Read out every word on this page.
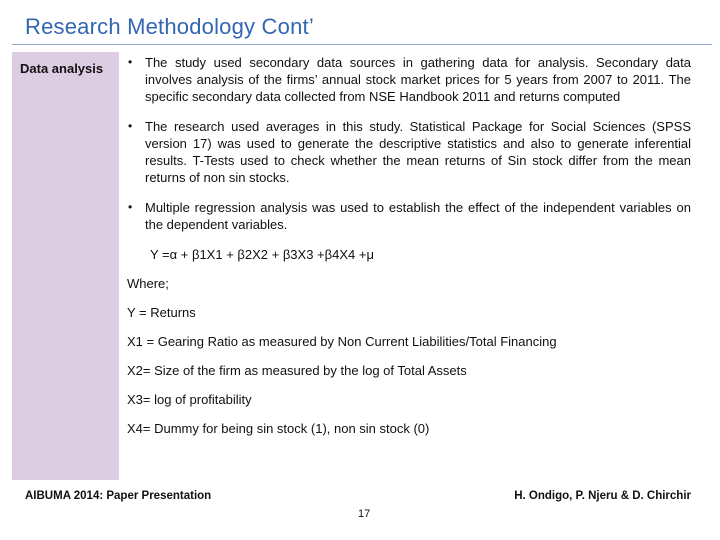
Research Methodology Cont’
Data analysis • The study used secondary data sources in gathering data for analysis. Secondary data involves analysis of the firms’ annual stock market prices for 5 years from 2007 to 2011. The specific secondary data collected from NSE Handbook 2011 and returns computed
• The research used averages in this study. Statistical Package for Social Sciences (SPSS version 17) was used to generate the descriptive statistics and also to generate inferential results. T-Tests used to check whether the mean returns of Sin stock differ from the mean returns of non sin stocks.
• Multiple regression analysis was used to establish the effect of the independent variables on the dependent variables.
Y =α + β1X1 + β2X2 + β3X3 +β4X4 +μ
Where;
Y = Returns
X1 = Gearing Ratio as measured by Non Current Liabilities/Total Financing
X2= Size of the firm as measured by the log of Total Assets
X3= log of profitability
X4= Dummy for being sin stock (1), non sin stock (0)
AIBUMA 2014: Paper Presentation	H. Ondigo, P. Njeru & D. Chirchir
17
